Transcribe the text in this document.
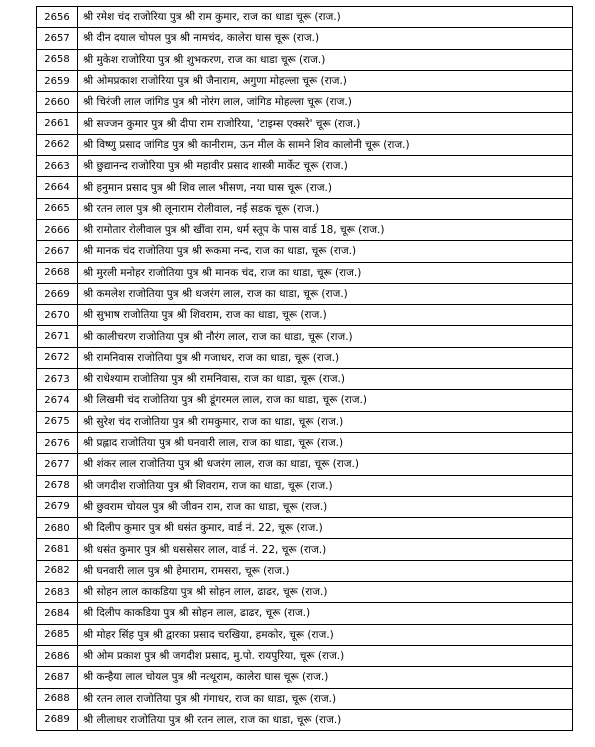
2656	श्री रमेश चंद राजोरिया पुत्र श्री राम कुमार, राज का धाडा चूरू (राज.)
2657	श्री दीन दयाल चोपल पुत्र श्री नामचंद, कालेरा घास चूरू (राज.)
2658	श्री मुकेश राजोरिया पुत्र श्री शुभकरण, राज का धाडा चूरू (राज.)
2659	श्री ओमप्रकाश राजोरिया पुत्र श्री जैनाराम, अगुणा मोहल्ला चूरू (राज.)
2660	श्री चिरंजी लाल जांगिड पुत्र श्री नोरंग लाल, जांगिड मोहल्ला चूरू (राज.)
2661	श्री सज्जन कुमार पुत्र श्री दीपा राम राजोरिया, 'टाइम्स एक्सरे' चूरू (राज.)
2662	श्री विष्णु प्रसाद जांगिड पुत्र श्री कानीराम, ऊन मील के सामने शिव कालोनी चूरू (राज.)
2663	श्री छुद्यानन्द राजोरिया पुत्र श्री महावीर प्रसाद शास्त्री मार्केट चूरू (राज.)
2664	श्री हनुमान प्रसाद पुत्र श्री शिव लाल भीसण, नया घास चूरू (राज.)
2665	श्री रतन लाल पुत्र श्री लूनाराम रोलीवाल, नई सडक चूरू (राज.)
2666	श्री रामोतार रोलीवाल पुत्र श्री खींवा राम, धर्म स्तूप के पास वार्ड 18, चूरू (राज.)
2667	श्री मानक चंद राजोतिया पुत्र श्री रूकमा नन्द, राज का धाडा, चूरू (राज.)
2668	श्री मुरली मनोहर राजोतिया पुत्र श्री मानक चंद, राज का धाडा, चूरू (राज.)
2669	श्री कमलेश राजोतिया पुत्र श्री धजरंग लाल, राज का धाडा, चूरू (राज.)
2670	श्री सुभाष राजोतिया पुत्र श्री शिवराम, राज का धाडा, चूरू (राज.)
2671	श्री कालीचरण राजोतिया पुत्र श्री नौरंग लाल, राज का धाडा, चूरू (राज.)
2672	श्री रामनिवास राजोतिया पुत्र श्री गजाधर, राज का धाडा, चूरू (राज.)
2673	श्री राधेश्याम राजोतिया पुत्र श्री रामनिवास, राज का धाडा, चूरू (राज.)
2674	श्री लिखमी चंद राजोतिया पुत्र श्री डूंगरमल लाल, राज का धाडा, चूरू (राज.)
2675	श्री सुरेश चंद राजोतिया पुत्र श्री रामकुमार, राज का धाडा, चूरू (राज.)
2676	श्री प्रह्लाद राजोतिया पुत्र श्री घनवारी लाल, राज का धाडा, चूरू (राज.)
2677	श्री शंकर लाल राजोतिया पुत्र श्री धजरंग लाल, राज का धाडा, चूरू (राज.)
2678	श्री जगदीश राजोतिया पुत्र श्री शिवराम, राज का धाडा, चूरू (राज.)
2679	श्री छुवराम चोयल पुत्र श्री जीवन राम, राज का धाडा, चूरू (राज.)
2680	श्री दिलीप कुमार पुत्र श्री धसंत कुमार, वार्ड नं. 22, चूरू (राज.)
2681	श्री धसंत कुमार पुत्र श्री धससेसर लाल, वार्ड नं. 22, चूरू (राज.)
2682	श्री घनवारी लाल पुत्र श्री हेमाराम, रामसरा, चूरू (राज.)
2683	श्री सोहन लाल काकडिया पुत्र श्री सोहन लाल, ढाढर, चूरू (राज.)
2684	श्री दिलीप काकडिया पुत्र श्री सोहन लाल, ढाढर, चूरू (राज.)
2685	श्री मोहर सिंह पुत्र श्री द्वारका प्रसाद चरखिया, हमकोर, चूरू (राज.)
2686	श्री ओम प्रकाश पुत्र श्री जगदीश प्रसाद, मु.पो. रायपुरिया, चूरू (राज.)
2687	श्री कन्हैया लाल चोयल पुत्र श्री नत्थूराम, कालेरा घास चूरू (राज.)
2688	श्री रतन लाल राजोतिया पुत्र श्री गंगाधर, राज का धाडा, चूरू (राज.)
2689	श्री लीलाधर राजोतिया पुत्र श्री रतन लाल, राज का धाडा, चूरू (राज.)
